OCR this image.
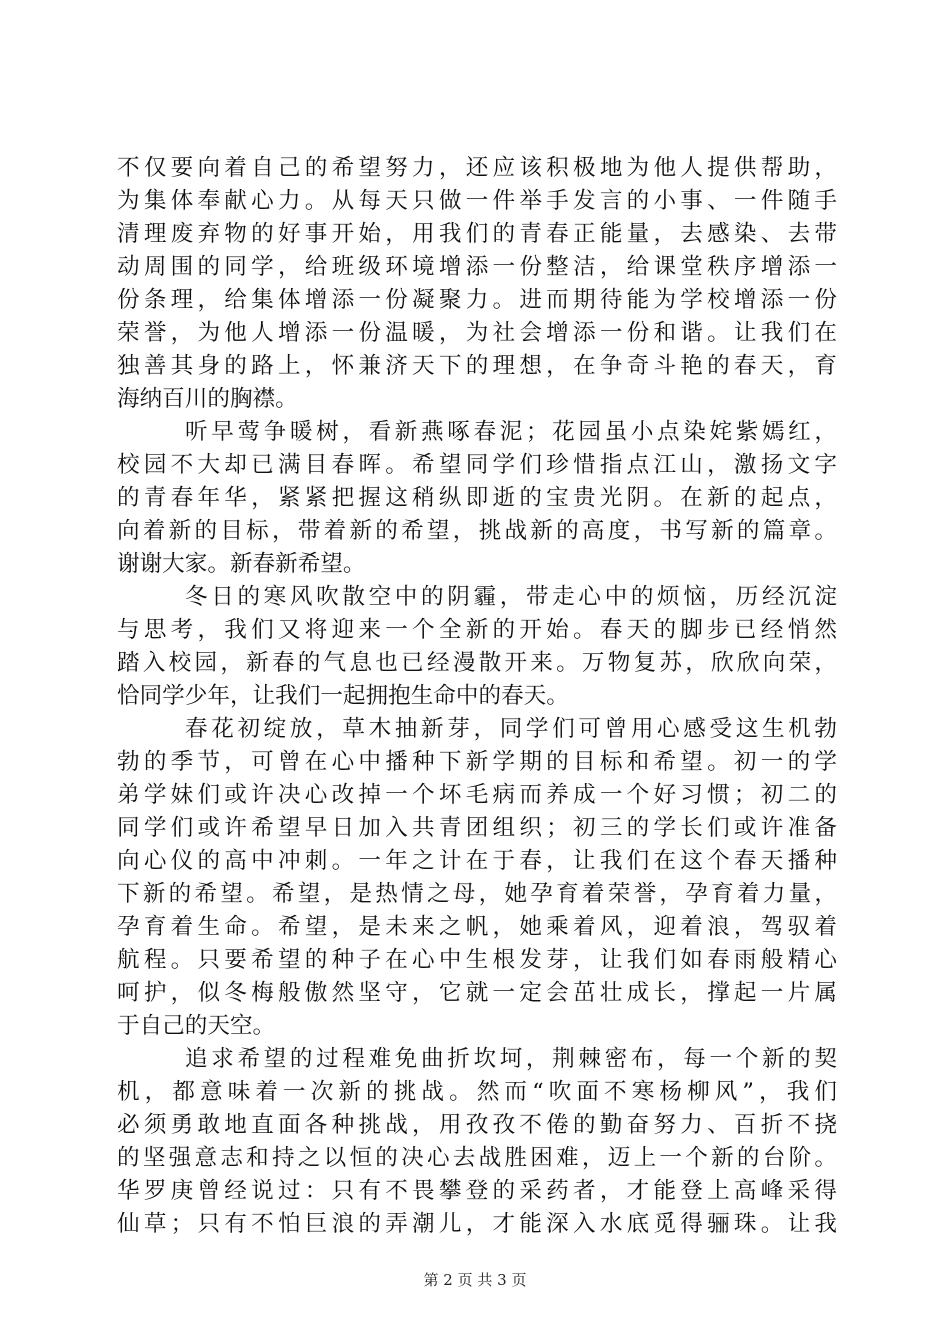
不仅要向着自己的希望努力，还应该积极地为他人提供帮助，
为集体奉献心力。从每天只做一件举手发言的小事、一件随手
清理废弃物的好事开始，用我们的青春正能量，去感染、去带
动周围的同学，给班级环境增添一份整洁，给课堂秩序增添一
份条理，给集体增添一份凝聚力。进而期待能为学校增添一份
荣誉，为他人增添一份温暖，为社会增添一份和谐。让我们在
独善其身的路上，怀兼济天下的理想，在争奇斗艳的春天，育
海纳百川的胸襟。
听早莺争暖树，看新燕啄春泥；花园虽小点染姹紫嫣红，
校园不大却已满目春晖。希望同学们珍惜指点江山，激扬文字
的青春年华，紧紧把握这稍纵即逝的宝贵光阴。在新的起点，
向着新的目标，带着新的希望，挑战新的高度，书写新的篇章。
谢谢大家。新春新希望。
冬日的寒风吹散空中的阴霾，带走心中的烦恼，历经沉淀
与思考，我们又将迎来一个全新的开始。春天的脚步已经悄然
踏入校园，新春的气息也已经漫散开来。万物复苏，欣欣向荣，
恰同学少年，让我们一起拥抱生命中的春天。
春花初绽放，草木抽新芽，同学们可曾用心感受这生机勃
勃的季节，可曾在心中播种下新学期的目标和希望。初一的学
弟学妹们或许决心改掉一个坏毛病而养成一个好习惯；初二的
同学们或许希望早日加入共青团组织；初三的学长们或许准备
向心仪的高中冲刺。一年之计在于春，让我们在这个春天播种
下新的希望。希望，是热情之母，她孕育着荣誉，孕育着力量，
孕育着生命。希望，是未来之帆，她乘着风，迎着浪，驾驭着
航程。只要希望的种子在心中生根发芽，让我们如春雨般精心
呵护，似冬梅般傲然坚守，它就一定会茁壮成长，撑起一片属
于自己的天空。
追求希望的过程难免曲折坎坷，荆棘密布，每一个新的契
机，都意味着一次新的挑战。然而“吹面不寒杨柳风”，我们
必须勇敢地直面各种挑战，用孜孜不倦的勤奋努力、百折不挠
的坚强意志和持之以恒的决心去战胜困难，迈上一个新的台阶。
华罗庚曾经说过：只有不畏攀登的采药者，才能登上高峰采得
仙草；只有不怕巨浪的弄潮儿，才能深入水底觅得骊珠。让我
第 2 页 共 3 页
